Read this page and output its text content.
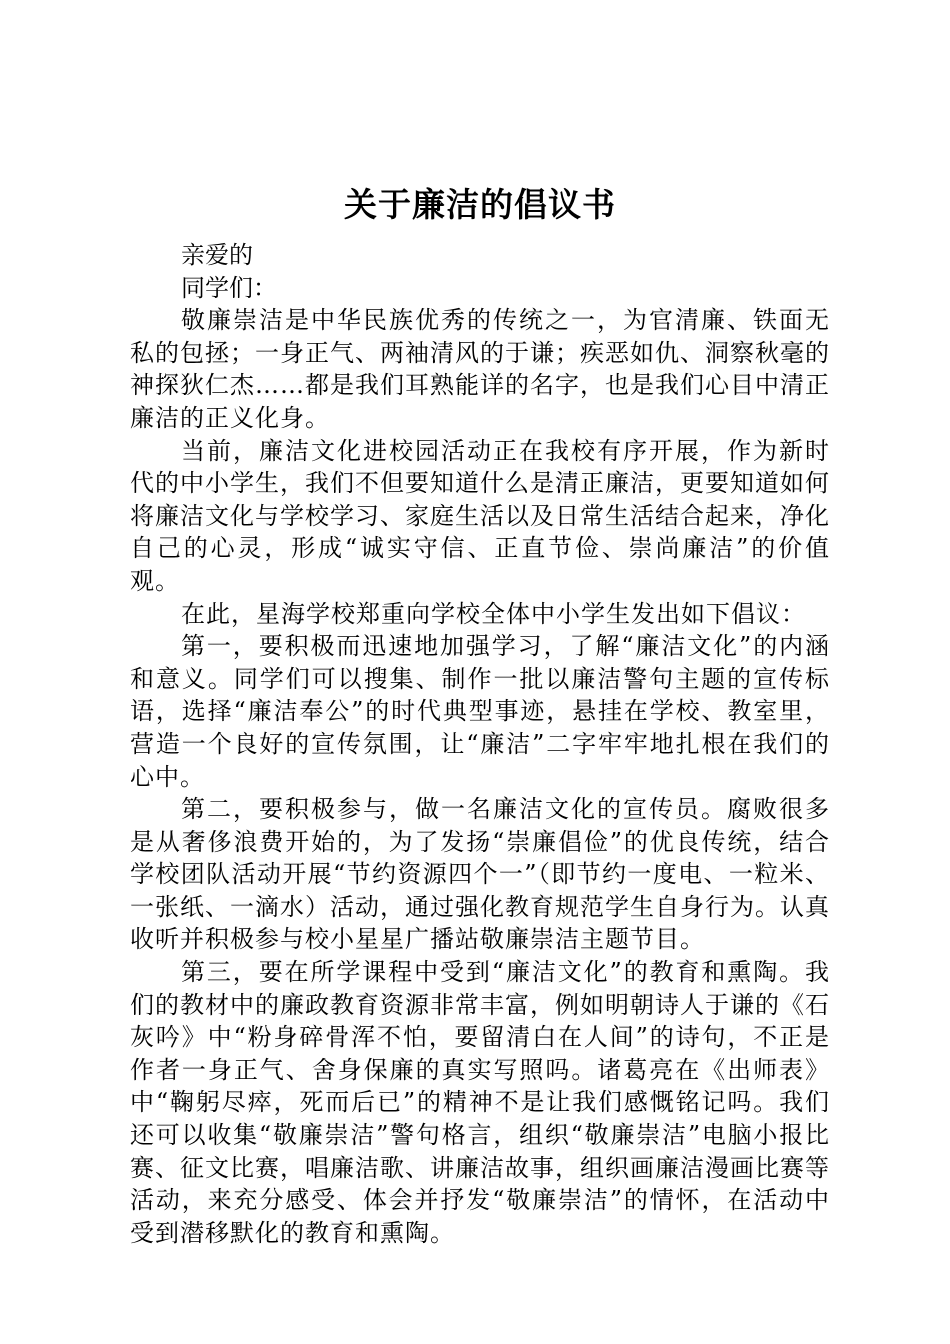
关于廉洁的倡议书

亲爱的

同学们：

敬廉崇洁是中华民族优秀的传统之一，为官清廉、铁面无私的包拯；一身正气、两袖清风的于谦；疾恶如仇、洞察秋毫的神探狄仁杰……都是我们耳熟能详的名字，也是我们心目中清正廉洁的正义化身。

当前，廉洁文化进校园活动正在我校有序开展，作为新时代的中小学生，我们不但要知道什么是清正廉洁，更要知道如何将廉洁文化与学校学习、家庭生活以及日常生活结合起来，净化自己的心灵，形成“诚实守信、正直节俭、崇尚廉洁”的价值观。

在此，星海学校郑重向学校全体中小学生发出如下倡议：

第一，要积极而迅速地加强学习，了解“廉洁文化”的内涵和意义。同学们可以搜集、制作一批以廉洁警句主题的宣传标语，选择“廉洁奉公”的时代典型事迹，悬挂在学校、教室里，营造一个良好的宣传氛围，让“廉洁”二字牢牢地扎根在我们的心中。

第二，要积极参与，做一名廉洁文化的宣传员。腐败很多是从奢侈浪费开始的，为了发扬“崇廉倡俭”的优良传统，结合学校团队活动开展“节约资源四个一”（即节约一度电、一粒米、一张纸、一滴水）活动，通过强化教育规范学生自身行为。认真收听并积极参与校小星星广播站敬廉崇洁主题节目。

第三，要在所学课程中受到“廉洁文化”的教育和熏陶。我们的教材中的廉政教育资源非常丰富，例如明朝诗人于谦的《石灰吟》中“粉身碎骨浑不怕，要留清白在人间”的诗句，不正是作者一身正气、舍身保廉的真实写照吗。诸葛亮在《出师表》中“鞠躬尽瘁，死而后已”的精神不是让我们感慨铭记吗。我们还可以收集“敬廉崇洁”警句格言，组织“敬廉崇洁”电脑小报比赛、征文比赛，唱廉洁歌、讲廉洁故事，组织画廉洁漫画比赛等活动，来充分感受、体会并抒发“敬廉崇洁”的情怀，在活动中受到潜移默化的教育和熏陶。
